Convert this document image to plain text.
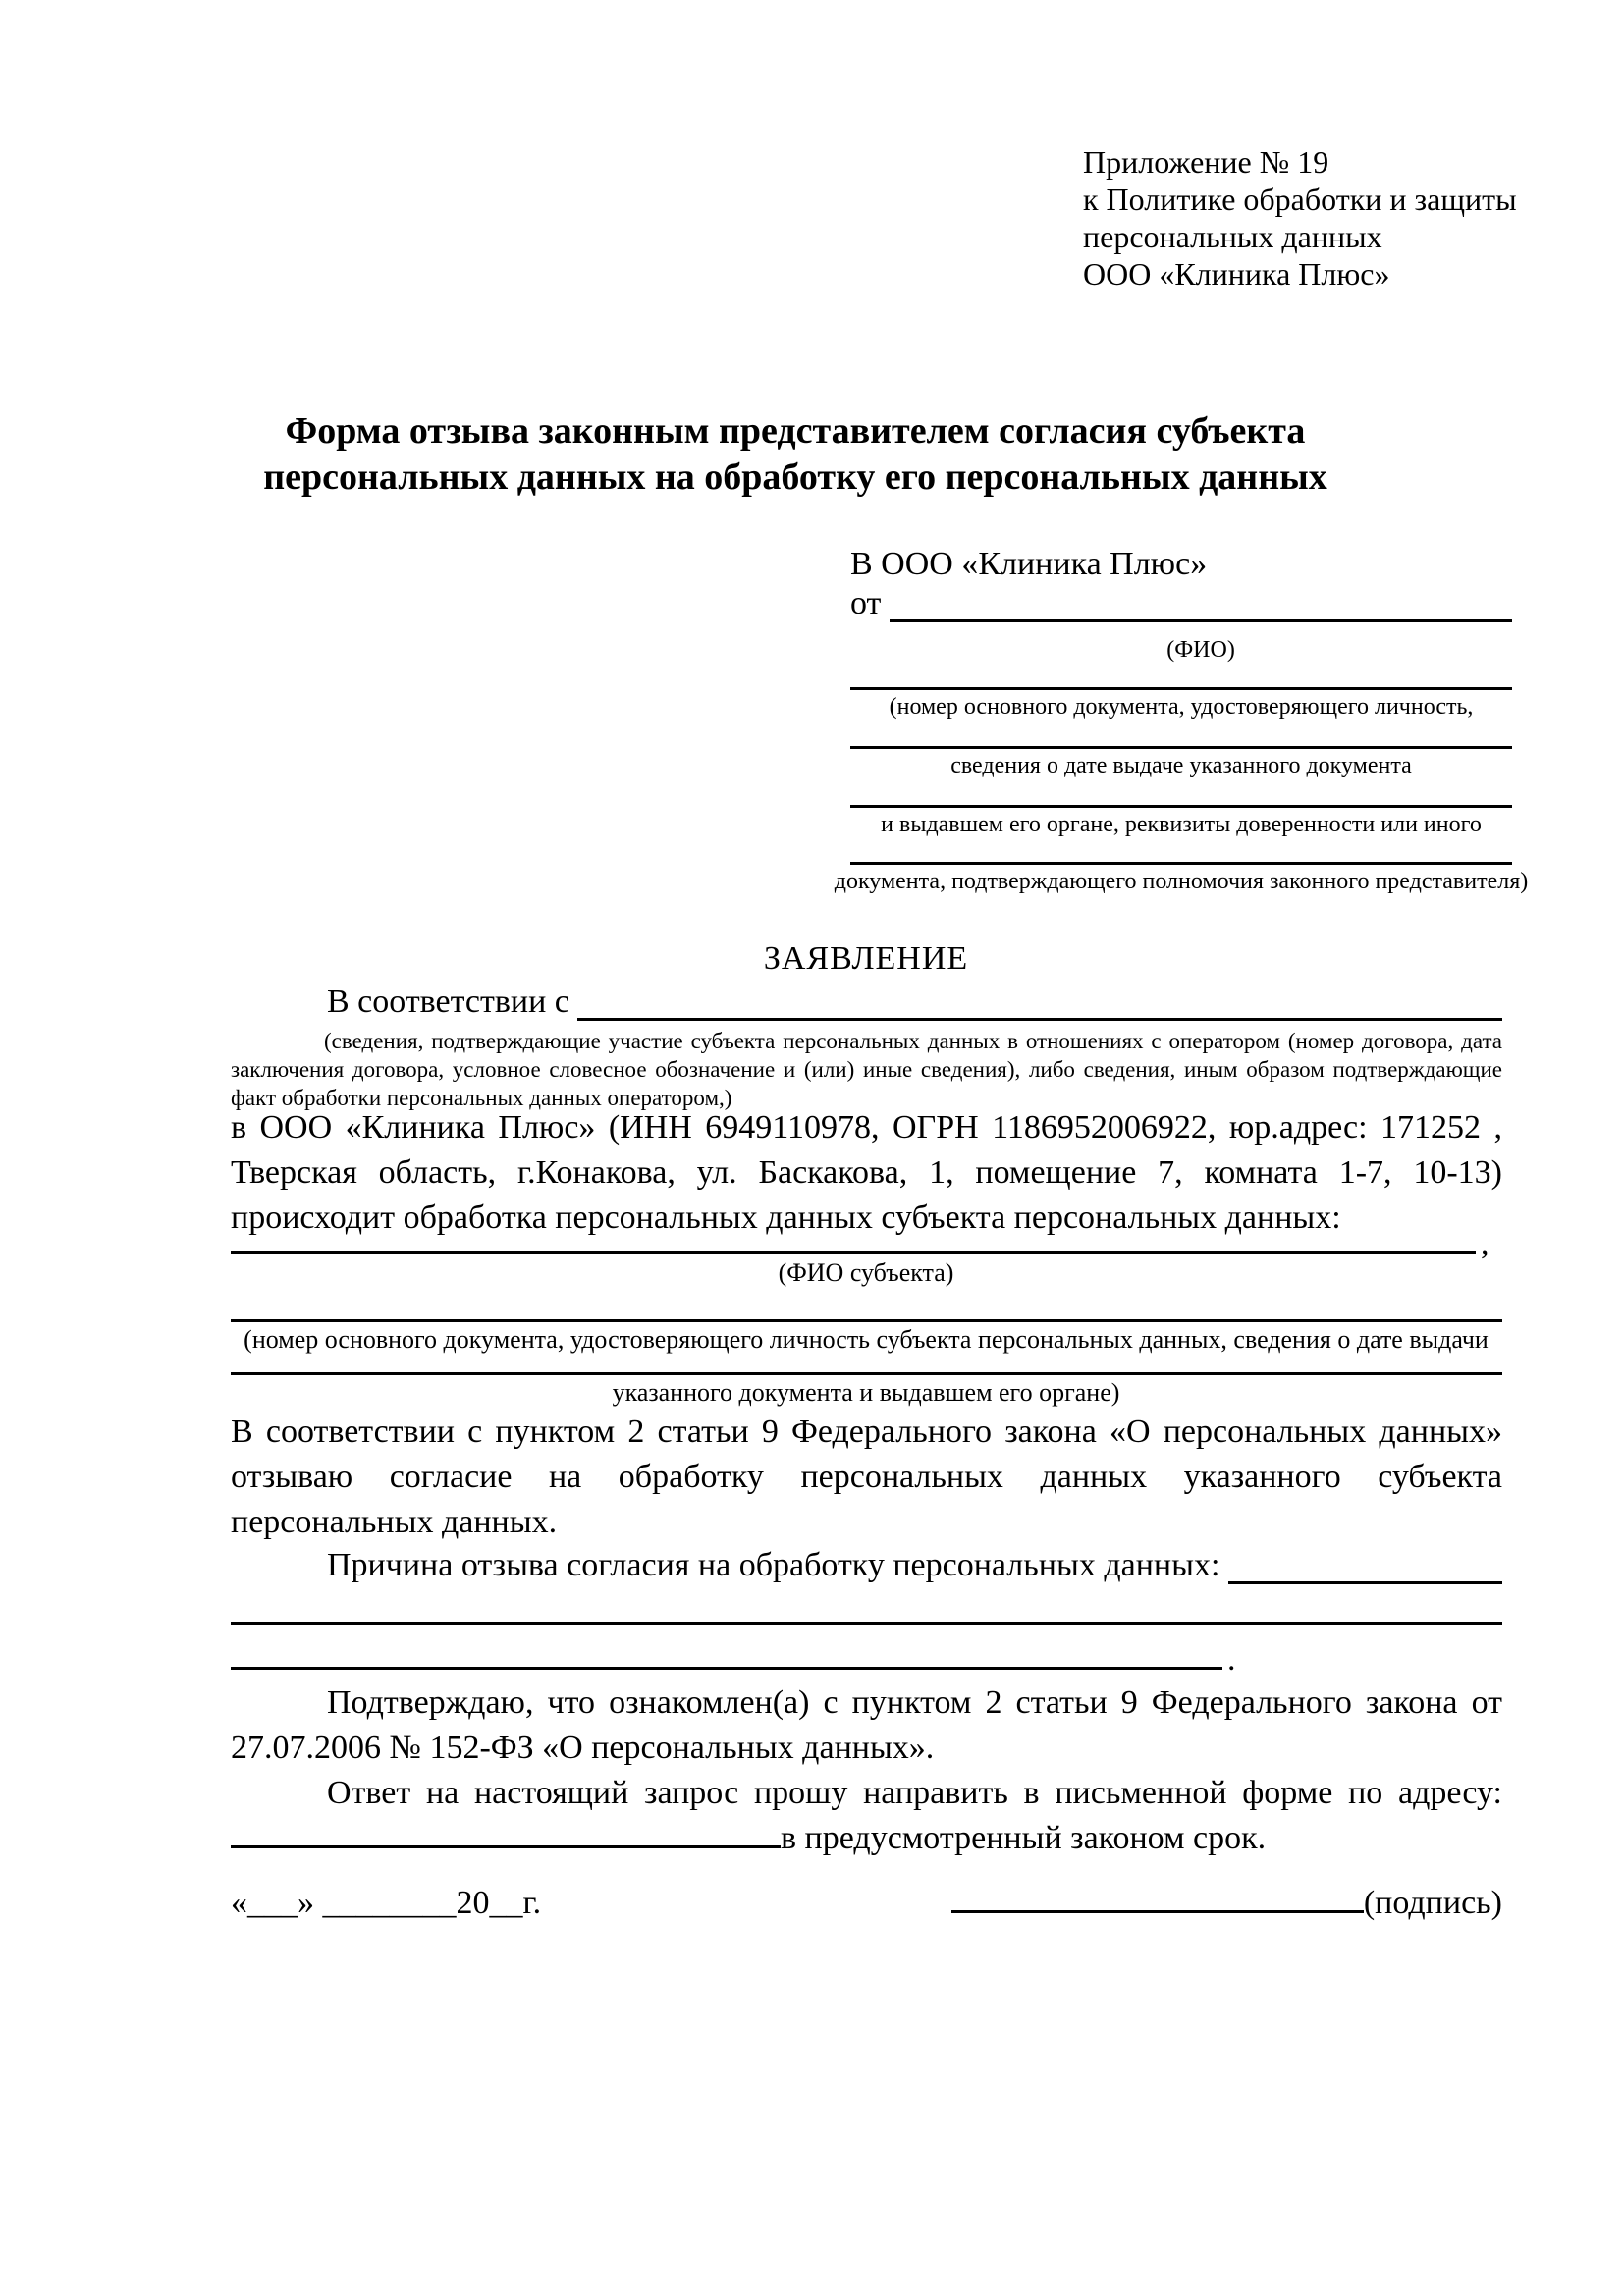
Приложение № 19
к Политике обработки и защиты
персональных данных
ООО «Клиника Плюс»
Форма отзыва законным представителем согласия субъекта
персональных данных на обработку его персональных данных
В ООО «Клиника Плюс»
от
(ФИО)
(номер основного документа, удостоверяющего личность,
сведения о дате выдаче указанного документа
и выдавшем его органе, реквизиты доверенности или иного
документа, подтверждающего полномочия законного представителя)
ЗАЯВЛЕНИЕ
В соответствии с
(сведения, подтверждающие участие субъекта персональных данных в отношениях с оператором (номер договора, дата заключения договора, условное словесное обозначение и (или) иные сведения), либо сведения, иным образом подтверждающие факт обработки персональных данных оператором,)
в ООО «Клиника Плюс» (ИНН 6949110978, ОГРН 1186952006922, юр.адрес: 171252 , Тверская область, г.Конакова, ул. Баскакова, 1, помещение 7, комната 1-7, 10-13) происходит обработка персональных данных субъекта персональных данных:
,
(ФИО субъекта)
(номер основного документа, удостоверяющего личность субъекта персональных данных, сведения о дате выдачи
указанного документа и выдавшем его органе)
В соответствии с пунктом 2 статьи 9 Федерального закона «О персональных данных» отзываю согласие на обработку персональных данных указанного субъекта персональных данных.
Причина отзыва согласия на обработку персональных данных:
.
Подтверждаю, что ознакомлен(а) с пунктом 2 статьи 9 Федерального закона от 27.07.2006 № 152-ФЗ «О персональных данных».
Ответ на настоящий запрос прошу направить в письменной форме по адресу: в предусмотренный законом срок.
«___» ________20__г.	(подпись)
